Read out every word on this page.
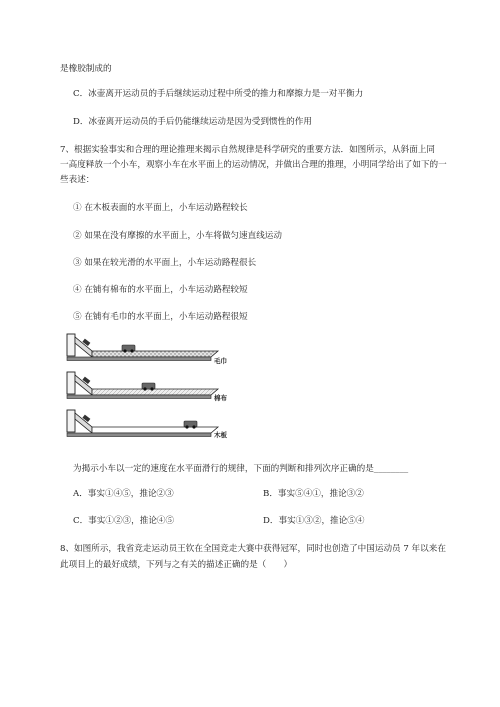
是橡胶制成的
C．冰壶离开运动员的手后继续运动过程中所受的推力和摩擦力是一对平衡力
D．冰壶离开运动员的手后仍能继续运动是因为受到惯性的作用
7、根据实验事实和合理的理论推理来揭示自然规律是科学研究的重要方法．如图所示，从斜面上同
一高度释放一个小车，观察小车在水平面上的运动情况，并做出合理的推理，小明同学给出了如下的一
些表述：
① 在木板表面的水平面上，小车运动路程较长
② 如果在没有摩擦的水平面上，小车将做匀速直线运动
③ 如果在较光滑的水平面上，小车运动路程很长
④ 在铺有棉布的水平面上，小车运动路程较短
⑤ 在铺有毛巾的水平面上，小车运动路程很短
毛巾
棉布
木板
为揭示小车以一定的速度在水平面滑行的规律，下面的判断和排列次序正确的是________
A．事实①④⑤，推论②③	B．事实⑤④①，推论③②
C．事实①②③，推论④⑤	D．事实①③②，推论⑤④
8、如图所示，我省竞走运动员王钦在全国竞走大赛中获得冠军，同时也创造了中国运动员 7 年以来在
此项目上的最好成绩，下列与之有关的描述正确的是（　　）
